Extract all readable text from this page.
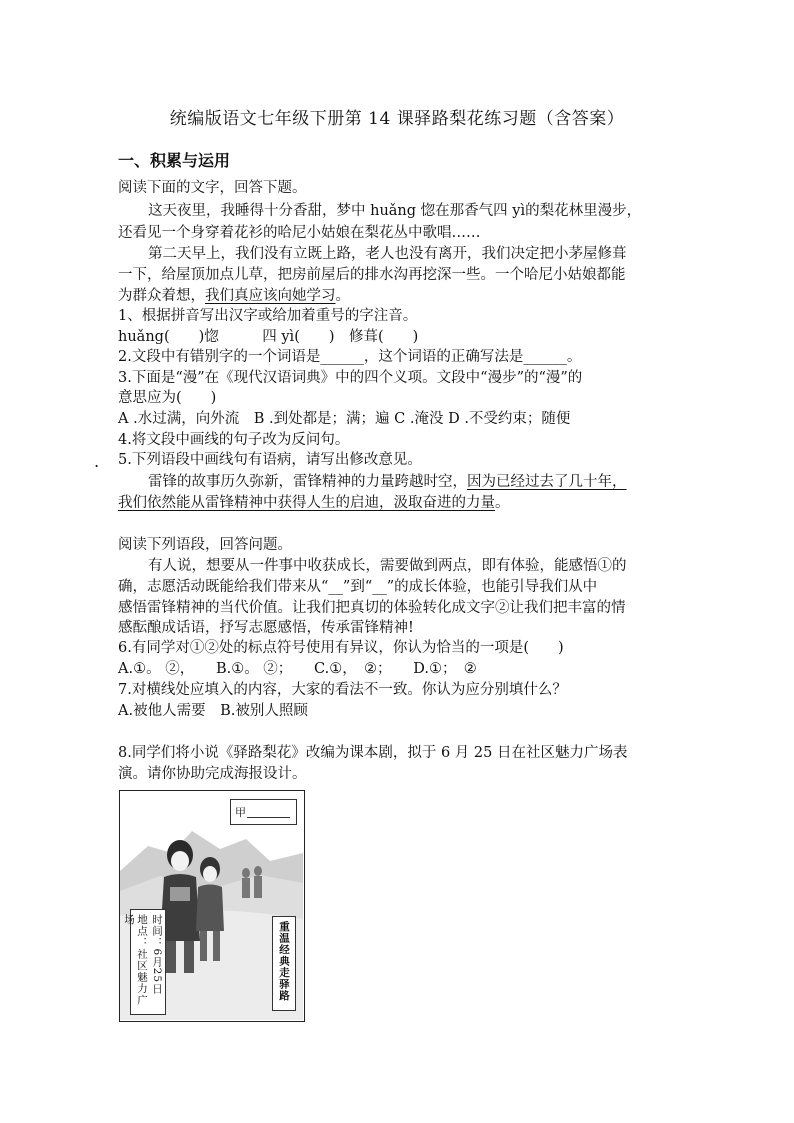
统编版语文七年级下册第 14 课驿路梨花练习题（含答案）
一、积累与运用
阅读下面的文字，回答下题。
这天夜里，我睡得十分香甜，梦中 huǎng 惚在那香气四 yì的梨花林里漫步，
还看见一个身穿着花衫的哈尼小姑娘在梨花丛中歌唱……
第二天早上，我们没有立既上路，老人也没有离开，我们决定把小茅屋修葺
一下，给屋顶加点儿草，把房前屋后的排水沟再挖深一些。一个哈尼小姑娘都能
为群众着想，我们真应该向她学习。
1、根据拼音写出汉字或给加着重号的字注音。
huǎng(　　)惚　　　四 yì(　　)　修葺(　　)
2.文段中有错别字的一个词语是______，这个词语的正确写法是______。
3.下面是“漫”在《现代汉语词典》中的四个义项。文段中“漫步”的“漫”的
意思应为(　　)
A .水过满，向外流　B .到处都是；满；遍 C .淹没 D .不受约束；随便
4.将文段中画线的句子改为反问句。
. 5.下列语段中画线句有语病，请写出修改意见。
雷锋的故事历久弥新，雷锋精神的力量跨越时空，因为已经过去了几十年，
我们依然能从雷锋精神中获得人生的启迪，汲取奋进的力量。
阅读下列语段，回答问题。
有人说，想要从一件事中收获成长，需要做到两点，即有体验，能感悟①的
确，志愿活动既能给我们带来从“__”到“__”的成长体验，也能引导我们从中
感悟雷锋精神的当代价值。让我们把真切的体验转化成文字②让我们把丰富的情
感酝酿成话语，抒写志愿感悟，传承雷锋精神!
6.有同学对①②处的标点符号使用有异议，你认为恰当的一项是(　　)
A.①。 ②，　　B.①。 ②；　　C.①，　②；　　D.①；　②
7.对横线处应填入的内容，大家的看法不一致。你认为应分别填什么？
A.被他人需要　B.被别人照顾
8.同学们将小说《驿路梨花》改编为课本剧，拟于 6 月 25 日在社区魅力广场表
演。请你协助完成海报设计。
甲
时间：6月25日
地点：社区魅力广场
重温经典走驿路
